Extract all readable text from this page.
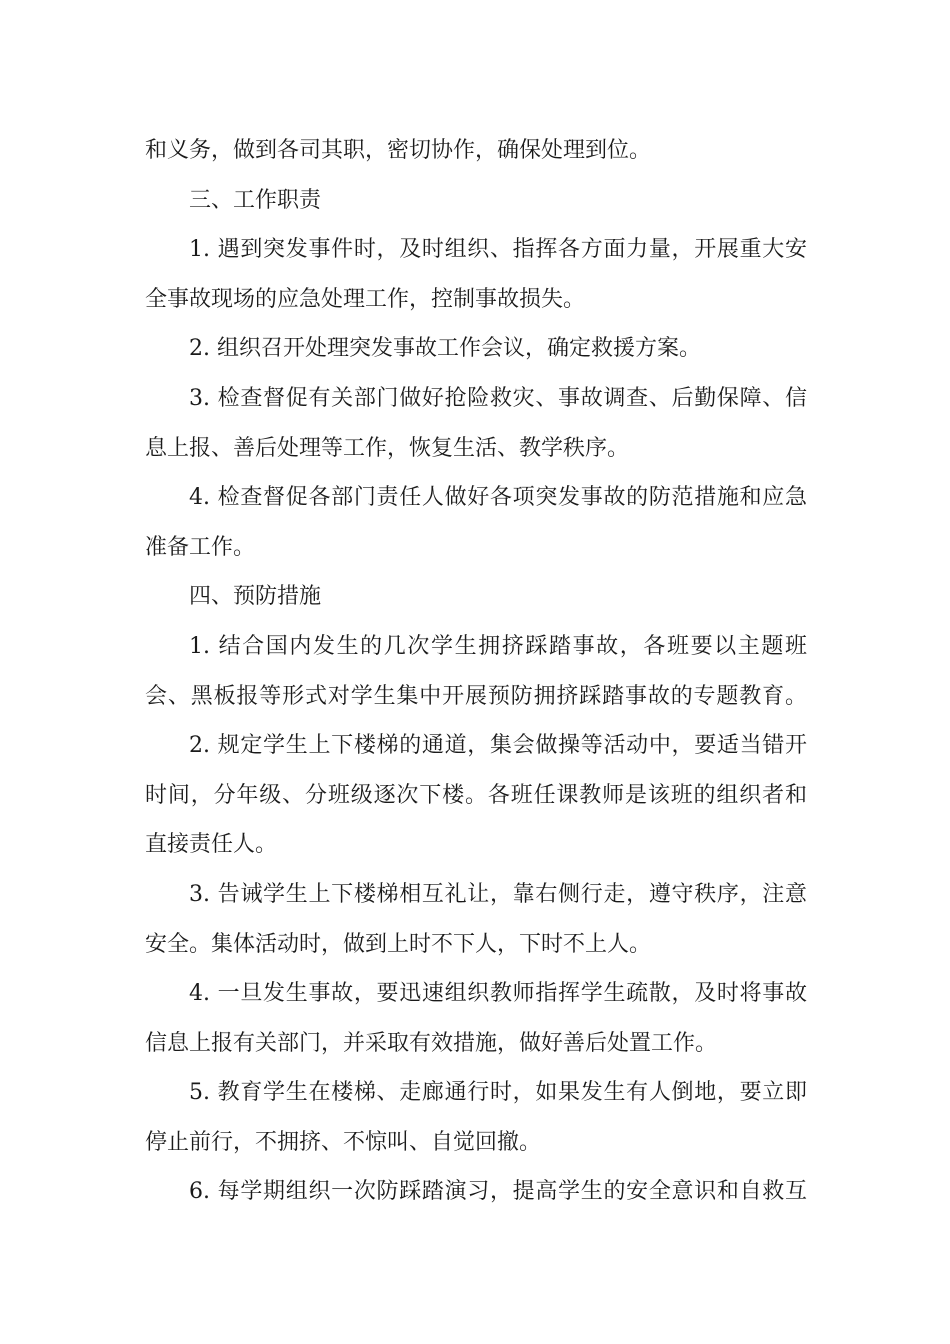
和义务，做到各司其职，密切协作，确保处理到位。
三、工作职责
1. 遇到突发事件时，及时组织、指挥各方面力量，开展重大安
全事故现场的应急处理工作，控制事故损失。
2. 组织召开处理突发事故工作会议，确定救援方案。
3. 检查督促有关部门做好抢险救灾、事故调查、后勤保障、信
息上报、善后处理等工作，恢复生活、教学秩序。
4. 检查督促各部门责任人做好各项突发事故的防范措施和应急
准备工作。
四、预防措施
1. 结合国内发生的几次学生拥挤踩踏事故，各班要以主题班
会、黑板报等形式对学生集中开展预防拥挤踩踏事故的专题教育。
2. 规定学生上下楼梯的通道，集会做操等活动中，要适当错开
时间，分年级、分班级逐次下楼。各班任课教师是该班的组织者和
直接责任人。
3. 告诫学生上下楼梯相互礼让，靠右侧行走，遵守秩序，注意
安全。集体活动时，做到上时不下人，下时不上人。
4. 一旦发生事故，要迅速组织教师指挥学生疏散，及时将事故
信息上报有关部门，并采取有效措施，做好善后处置工作。
5. 教育学生在楼梯、走廊通行时，如果发生有人倒地，要立即
停止前行，不拥挤、不惊叫、自觉回撤。
6. 每学期组织一次防踩踏演习，提高学生的安全意识和自救互
